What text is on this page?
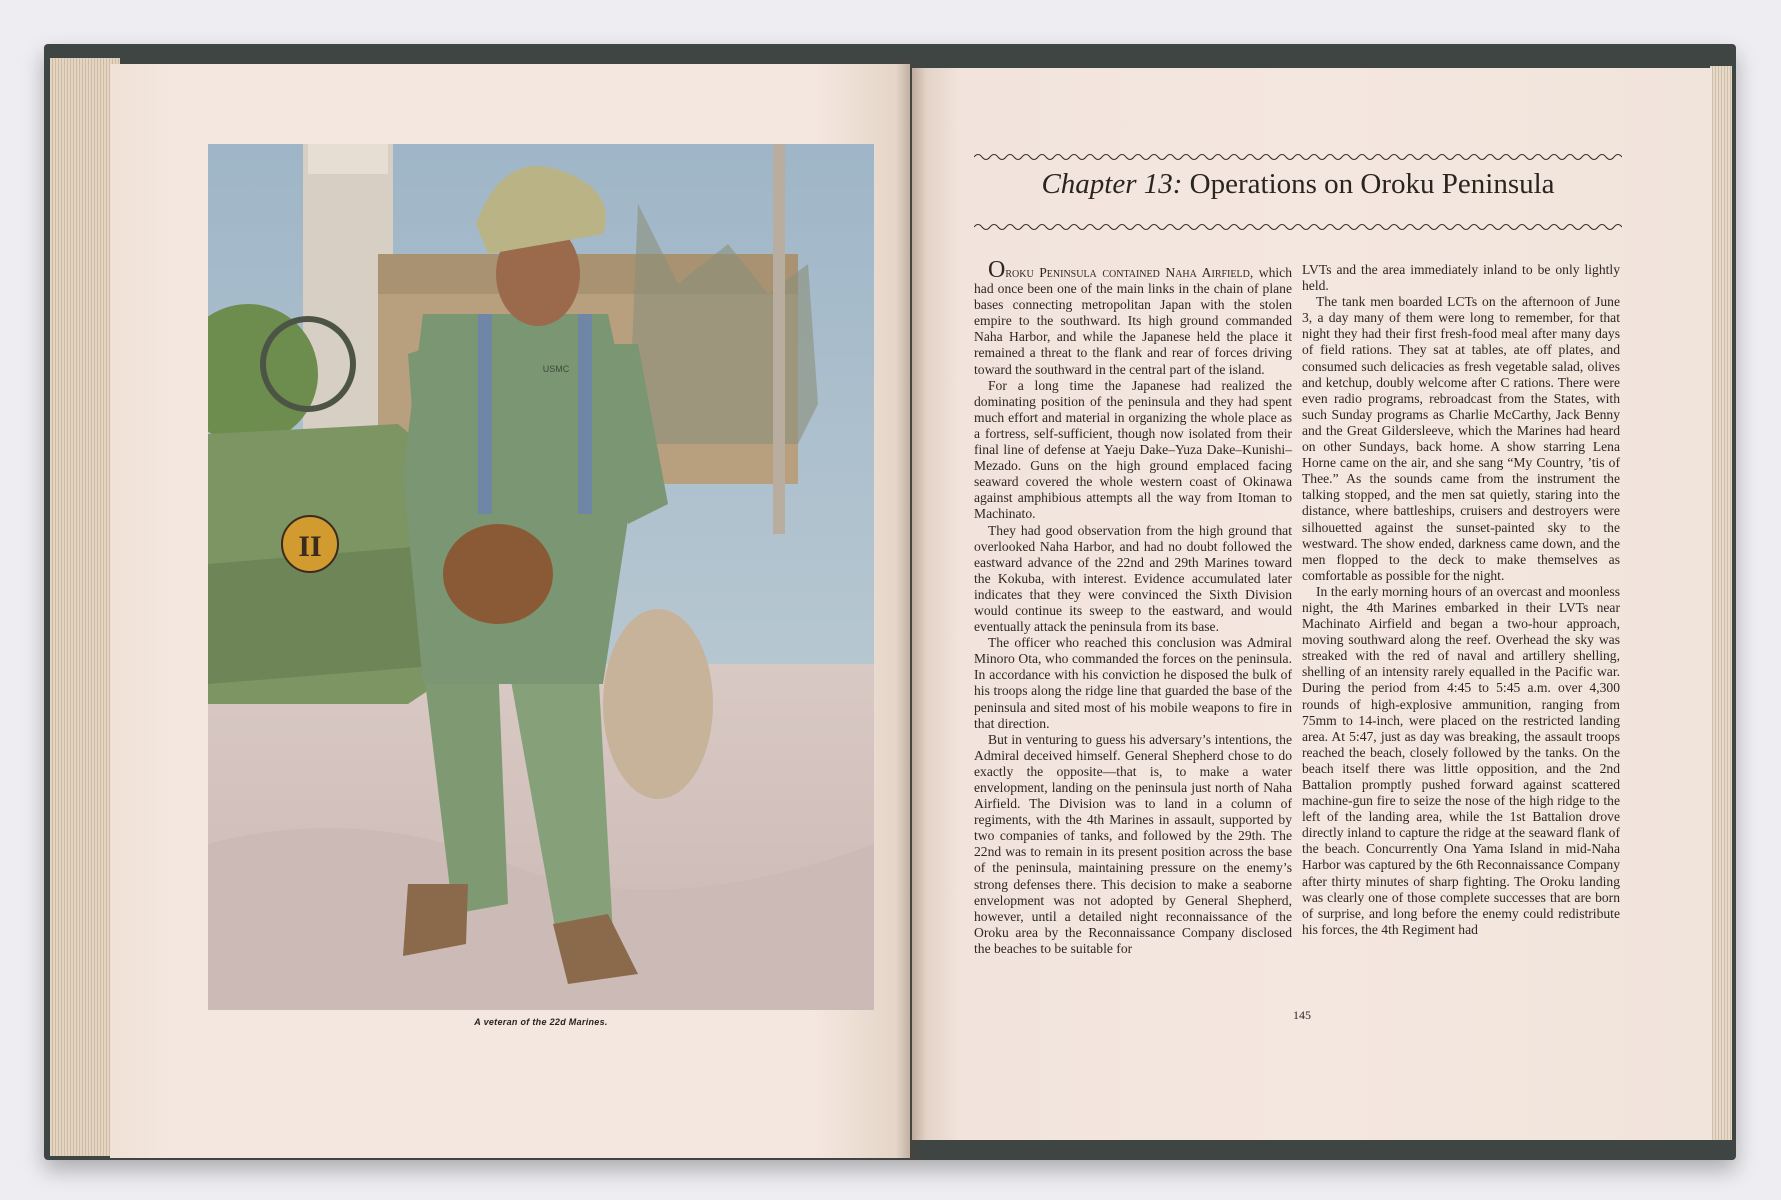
II
USMC
A veteran of the 22d Marines.
Chapter 13: Operations on Oroku Peninsula

Oroku Peninsula contained Naha Airfield, which had once been one of the main links in the chain of plane bases connecting metropolitan Japan with the stolen empire to the southward. Its high ground commanded Naha Harbor, and while the Japanese held the place it remained a threat to the flank and rear of forces driving toward the southward in the central part of the island.

For a long time the Japanese had realized the dominating position of the peninsula and they had spent much effort and material in organizing the whole place as a fortress, self-sufficient, though now isolated from their final line of defense at Yaeju Dake–Yuza Dake–Kunishi–Mezado. Guns on the high ground emplaced facing seaward covered the whole western coast of Okinawa against amphibious attempts all the way from Itoman to Machinato.

They had good observation from the high ground that overlooked Naha Harbor, and had no doubt followed the eastward advance of the 22nd and 29th Marines toward the Kokuba, with interest. Evidence accumulated later indicates that they were convinced the Sixth Division would continue its sweep to the eastward, and would eventually attack the peninsula from its base.

The officer who reached this conclusion was Admiral Minoro Ota, who commanded the forces on the peninsula. In accordance with his conviction he disposed the bulk of his troops along the ridge line that guarded the base of the peninsula and sited most of his mobile weapons to fire in that direction.

But in venturing to guess his adversary’s intentions, the Admiral deceived himself. General Shepherd chose to do exactly the opposite—that is, to make a water envelopment, landing on the peninsula just north of Naha Airfield. The Division was to land in a column of regiments, with the 4th Marines in assault, supported by two companies of tanks, and followed by the 29th. The 22nd was to remain in its present position across the base of the peninsula, maintaining pressure on the enemy’s strong defenses there. This decision to make a seaborne envelopment was not adopted by General Shepherd, however, until a detailed night reconnaissance of the Oroku area by the Reconnaissance Company disclosed the beaches to be suitable for

LVTs and the area immediately inland to be only lightly held.

The tank men boarded LCTs on the afternoon of June 3, a day many of them were long to remember, for that night they had their first fresh-food meal after many days of field rations. They sat at tables, ate off plates, and consumed such delicacies as fresh vegetable salad, olives and ketchup, doubly welcome after C rations. There were even radio programs, rebroadcast from the States, with such Sunday programs as Charlie McCarthy, Jack Benny and the Great Gildersleeve, which the Marines had heard on other Sundays, back home. A show starring Lena Horne came on the air, and she sang “My Country, ’tis of Thee.” As the sounds came from the instrument the talking stopped, and the men sat quietly, staring into the distance, where battleships, cruisers and destroyers were silhouetted against the sunset-painted sky to the westward. The show ended, darkness came down, and the men flopped to the deck to make themselves as comfortable as possible for the night.

In the early morning hours of an overcast and moonless night, the 4th Marines embarked in their LVTs near Machinato Airfield and began a two-hour approach, moving southward along the reef. Overhead the sky was streaked with the red of naval and artillery shelling, shelling of an intensity rarely equalled in the Pacific war. During the period from 4:45 to 5:45 a.m. over 4,300 rounds of high-explosive ammunition, ranging from 75mm to 14-inch, were placed on the restricted landing area. At 5:47, just as day was breaking, the assault troops reached the beach, closely followed by the tanks. On the beach itself there was little opposition, and the 2nd Battalion promptly pushed forward against scattered machine-gun fire to seize the nose of the high ridge to the left of the landing area, while the 1st Battalion drove directly inland to capture the ridge at the seaward flank of the beach. Concurrently Ona Yama Island in mid-Naha Harbor was captured by the 6th Reconnaissance Company after thirty minutes of sharp fighting. The Oroku landing was clearly one of those complete successes that are born of surprise, and long before the enemy could redistribute his forces, the 4th Regiment had

145
